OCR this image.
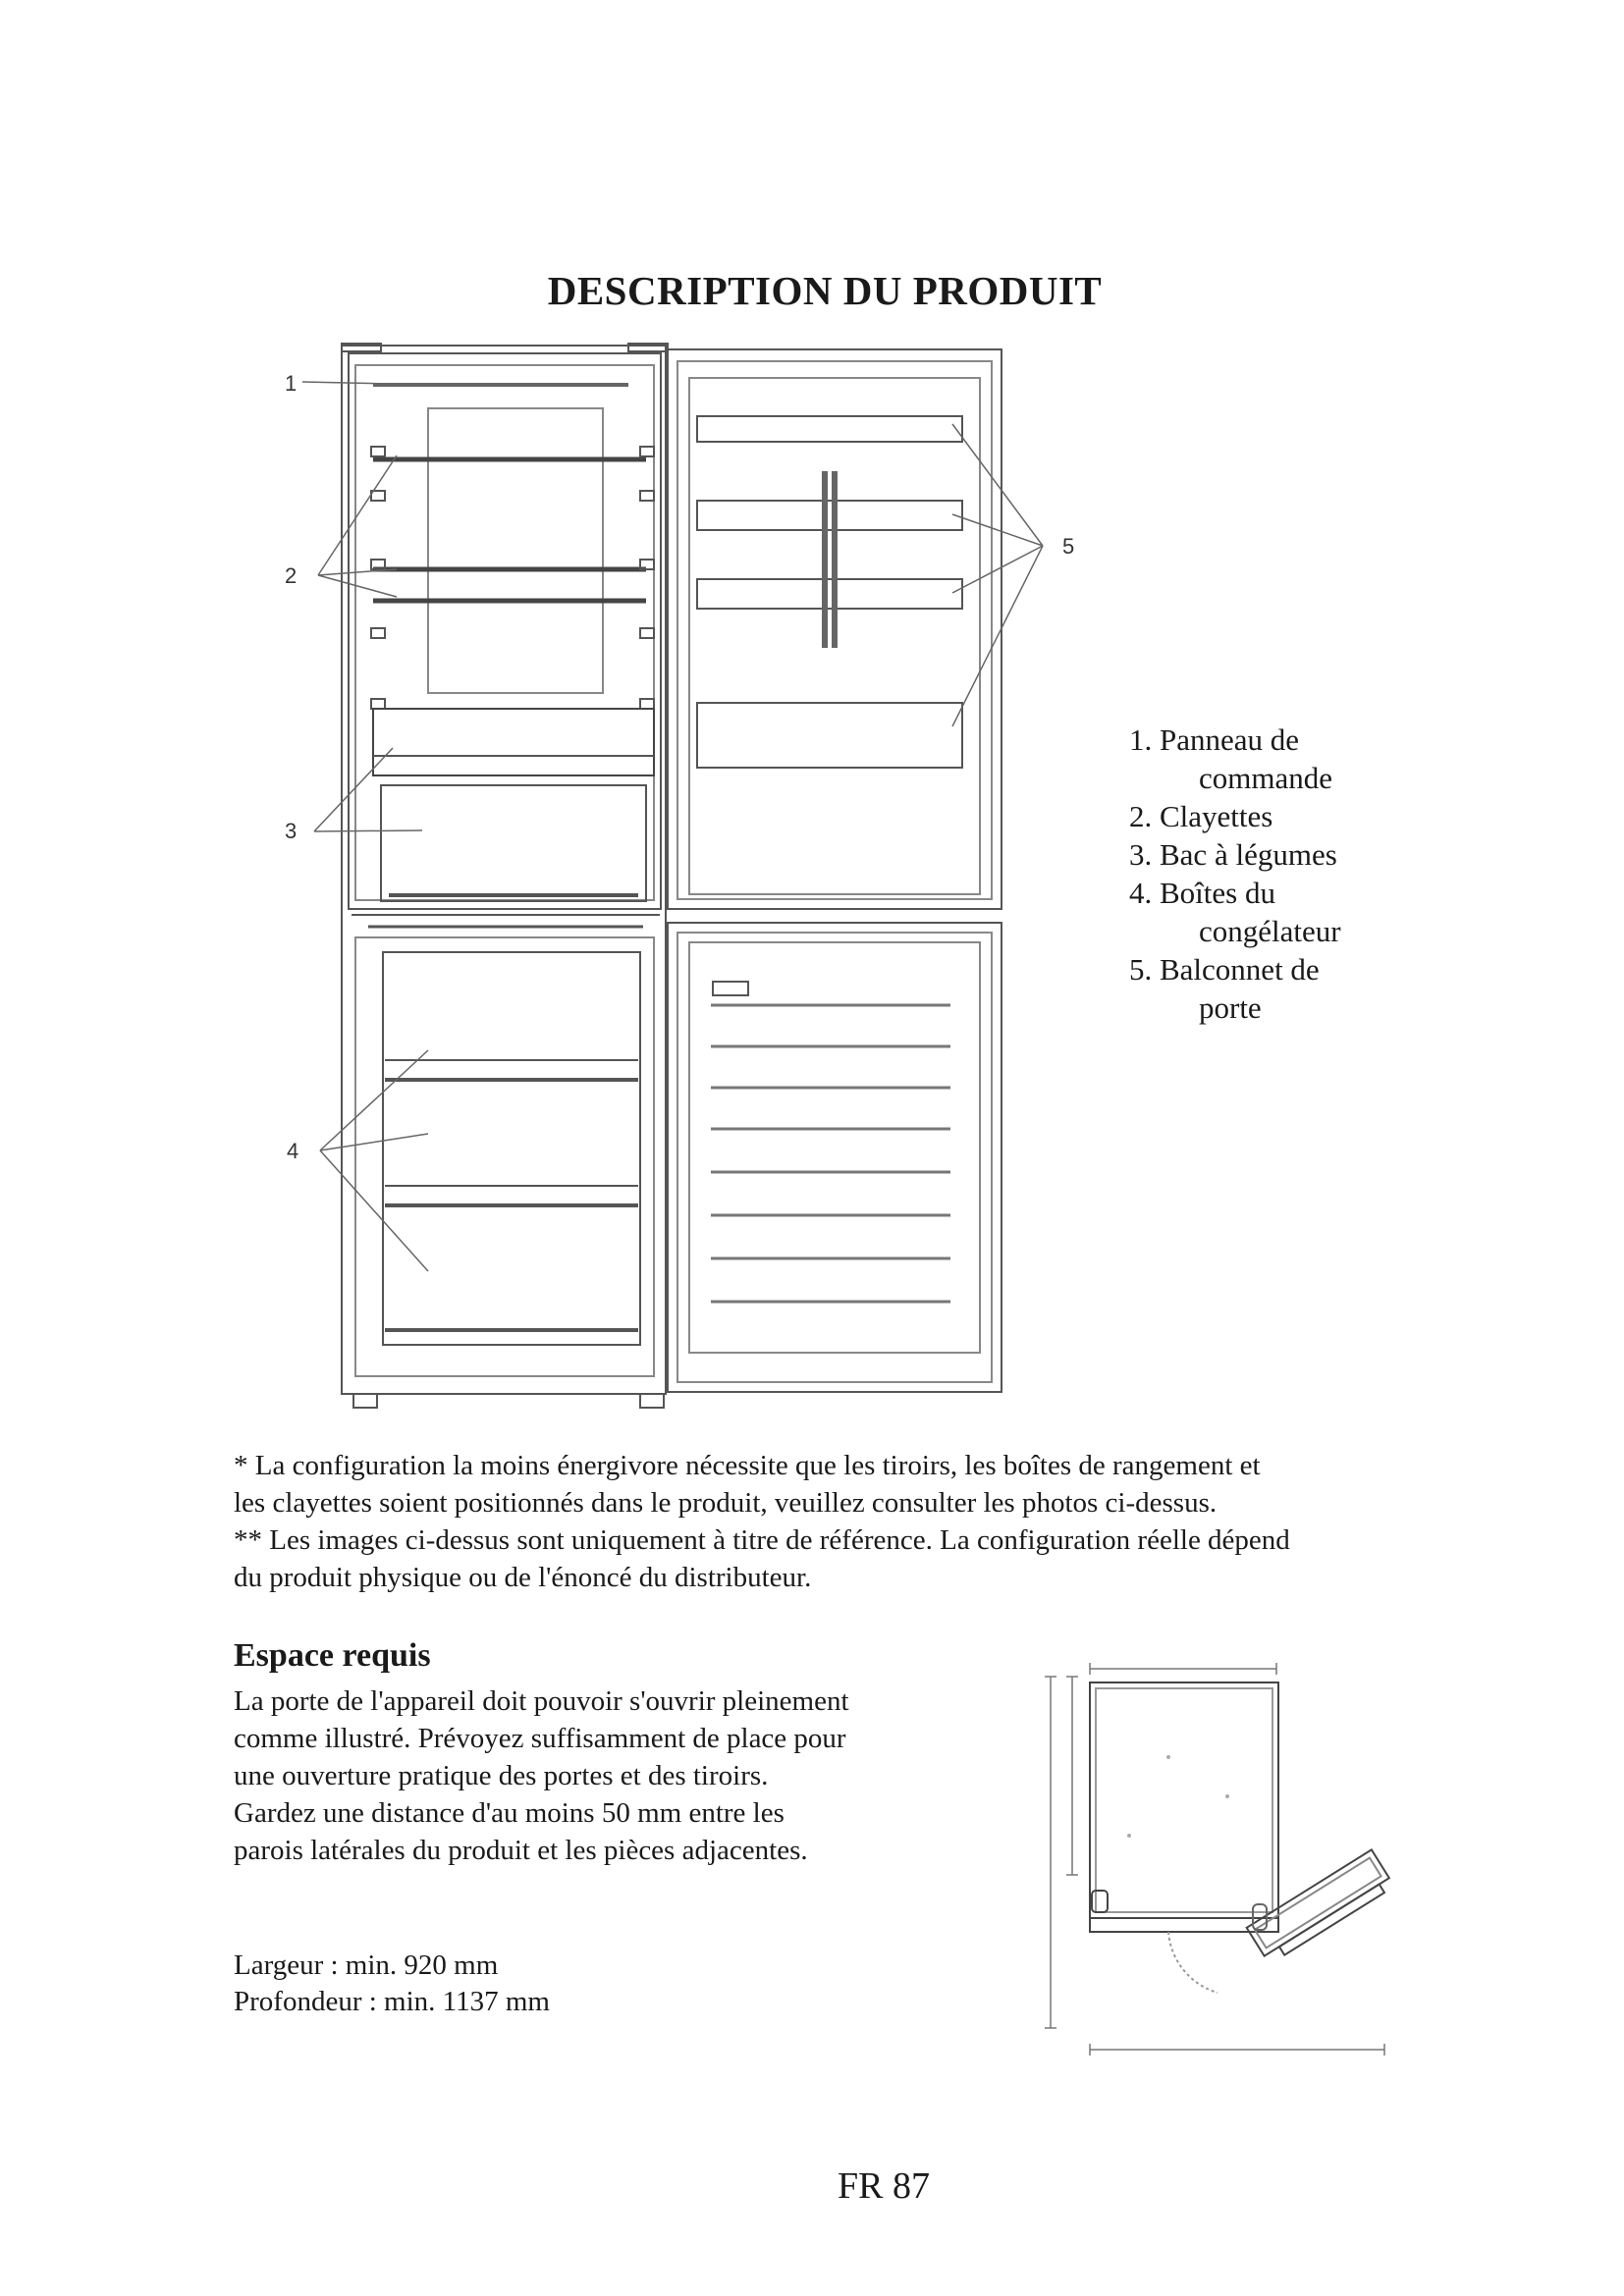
DESCRIPTION DU PRODUIT
1
2
3
4
5
1. Panneau de
commande
2. Clayettes
3. Bac à légumes
4. Boîtes du
congélateur
5. Balconnet de
porte
* La configuration la moins énergivore nécessite que les tiroirs, les boîtes de rangement et
les clayettes soient positionnés dans le produit, veuillez consulter les photos ci-dessus.
** Les images ci-dessus sont uniquement à titre de référence. La configuration réelle dépend
du produit physique ou de l'énoncé du distributeur.
Espace requis
La porte de l'appareil doit pouvoir s'ouvrir pleinement
comme illustré. Prévoyez suffisamment de place pour
une ouverture pratique des portes et des tiroirs.
Gardez une distance d'au moins 50 mm entre les
parois latérales du produit et les pièces adjacentes.
Largeur : min. 920 mm
Profondeur : min. 1137 mm
FR 87
